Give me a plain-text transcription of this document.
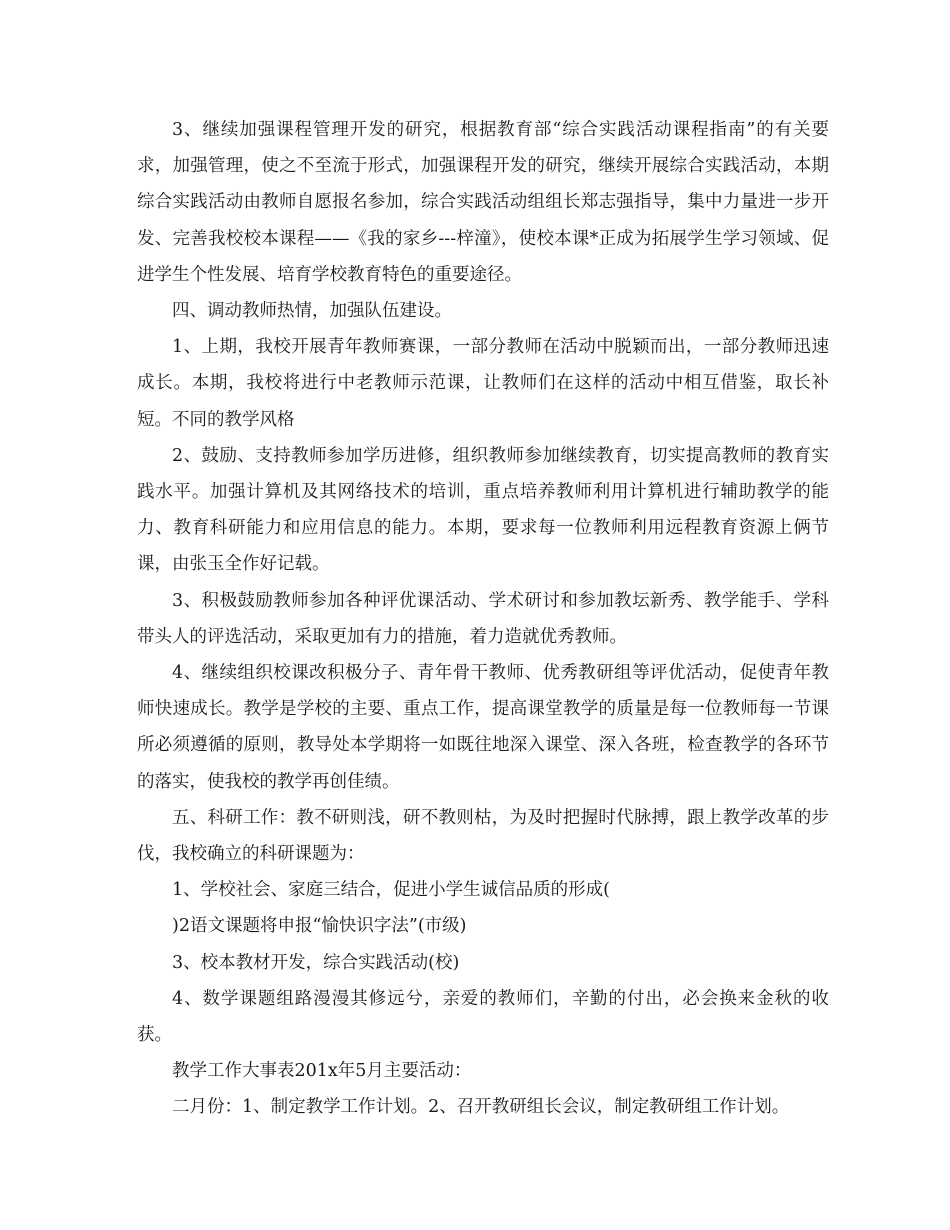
3、继续加强课程管理开发的研究，根据教育部“综合实践活动课程指南”的有关要求，加强管理，使之不至流于形式，加强课程开发的研究，继续开展综合实践活动，本期综合实践活动由教师自愿报名参加，综合实践活动组组长郑志强指导，集中力量进一步开发、完善我校校本课程——《我的家乡---梓潼》，使校本课*正成为拓展学生学习领域、促进学生个性发展、培育学校教育特色的重要途径。

四、调动教师热情，加强队伍建设。

1、上期，我校开展青年教师赛课，一部分教师在活动中脱颖而出，一部分教师迅速成长。本期，我校将进行中老教师示范课，让教师们在这样的活动中相互借鉴，取长补短。不同的教学风格

2、鼓励、支持教师参加学历进修，组织教师参加继续教育，切实提高教师的教育实践水平。加强计算机及其网络技术的培训，重点培养教师利用计算机进行辅助教学的能力、教育科研能力和应用信息的能力。本期，要求每一位教师利用远程教育资源上俩节课，由张玉全作好记载。

3、积极鼓励教师参加各种评优课活动、学术研讨和参加教坛新秀、教学能手、学科带头人的评选活动，采取更加有力的措施，着力造就优秀教师。

4、继续组织校课改积极分子、青年骨干教师、优秀教研组等评优活动，促使青年教师快速成长。教学是学校的主要、重点工作，提高课堂教学的质量是每一位教师每一节课所必须遵循的原则，教导处本学期将一如既往地深入课堂、深入各班，检查教学的各环节的落实，使我校的教学再创佳绩。

五、科研工作：教不研则浅，研不教则枯，为及时把握时代脉搏，跟上教学改革的步伐，我校确立的科研课题为：

1、学校社会、家庭三结合，促进小学生诚信品质的形成(

)2语文课题将申报“愉快识字法”(市级)

3、校本教材开发，综合实践活动(校)

4、数学课题组路漫漫其修远兮，亲爱的教师们，辛勤的付出，必会换来金秋的收获。

教学工作大事表201x年5月主要活动：

二月份：1、制定教学工作计划。2、召开教研组长会议，制定教研组工作计划。
